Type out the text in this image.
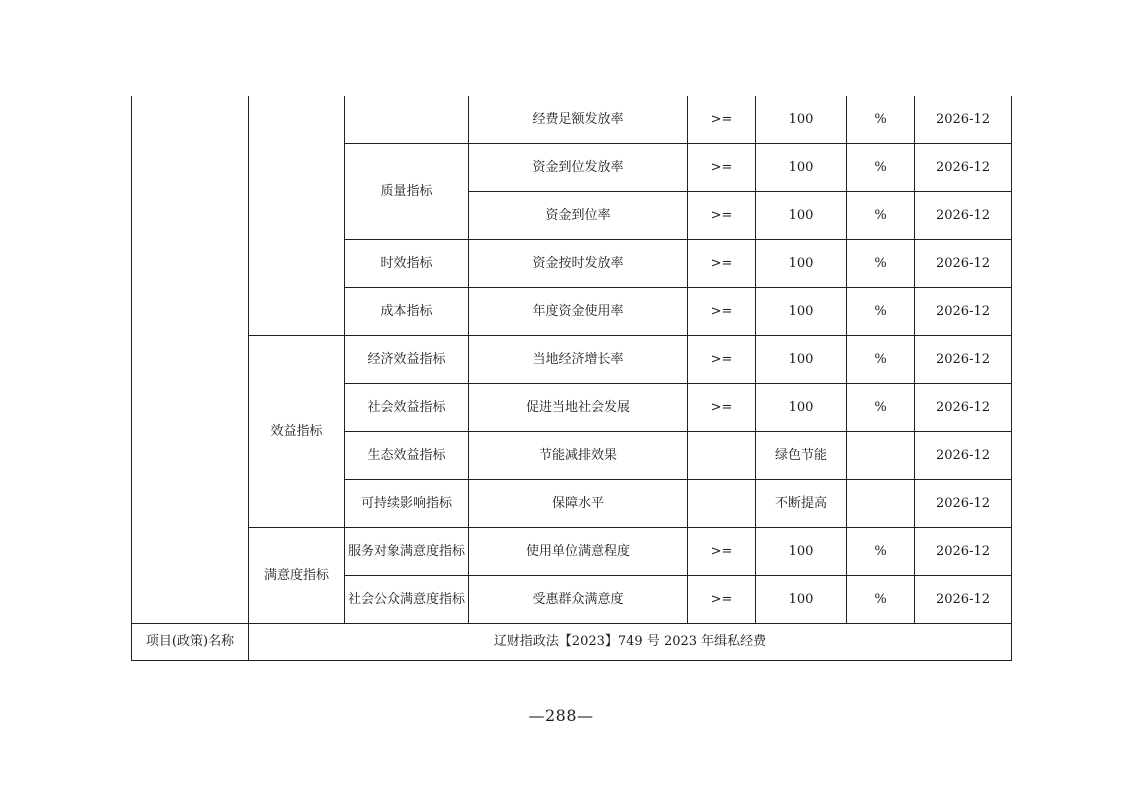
			经费足额发放率	>=	100	%	2026-12
		质量指标	资金到位发放率	>=	100	%	2026-12
			资金到位率	>=	100	%	2026-12
		时效指标	资金按时发放率	>=	100	%	2026-12
		成本指标	年度资金使用率	>=	100	%	2026-12
	效益指标	经济效益指标	当地经济增长率	>=	100	%	2026-12
		社会效益指标	促进当地社会发展	>=	100	%	2026-12
		生态效益指标	节能减排效果		绿色节能		2026-12
		可持续影响指标	保障水平		不断提高		2026-12
	满意度指标	服务对象满意度指标	使用单位满意程度	>=	100	%	2026-12
		社会公众满意度指标	受惠群众满意度	>=	100	%	2026-12
项目(政策)名称	辽财指政法【2023】749 号 2023 年缉私经费						
—288—
